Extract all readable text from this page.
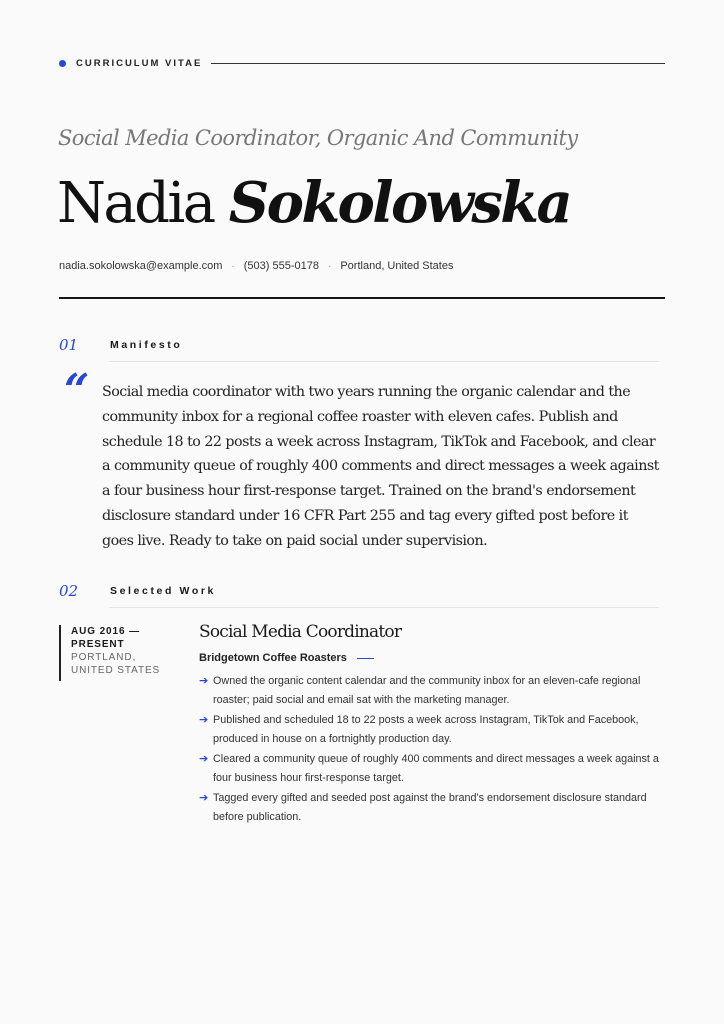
CURRICULUM VITAE
Social Media Coordinator, Organic And Community
Nadia Sokolowska
nadia.sokolowska@example.com · (503) 555-0178 · Portland, United States
01	Manifesto
“ Social media coordinator with two years running the organic calendar and the community inbox for a regional coffee roaster with eleven cafes. Publish and schedule 18 to 22 posts a week across Instagram, TikTok and Facebook, and clear a community queue of roughly 400 comments and direct messages a week against a four business hour first-response target. Trained on the brand's endorsement disclosure standard under 16 CFR Part 255 and tag every gifted post before it goes live. Ready to take on paid social under supervision.

02	Selected Work
AUG 2016 —
PRESENT
PORTLAND,
UNITED STATES
Social Media Coordinator
Bridgetown Coffee Roasters
➔ Owned the organic content calendar and the community inbox for an eleven-cafe regional roaster; paid social and email sat with the marketing manager.
➔ Published and scheduled 18 to 22 posts a week across Instagram, TikTok and Facebook, produced in house on a fortnightly production day.
➔ Cleared a community queue of roughly 400 comments and direct messages a week against a four business hour first-response target.
➔ Tagged every gifted and seeded post against the brand's endorsement disclosure standard before publication.
